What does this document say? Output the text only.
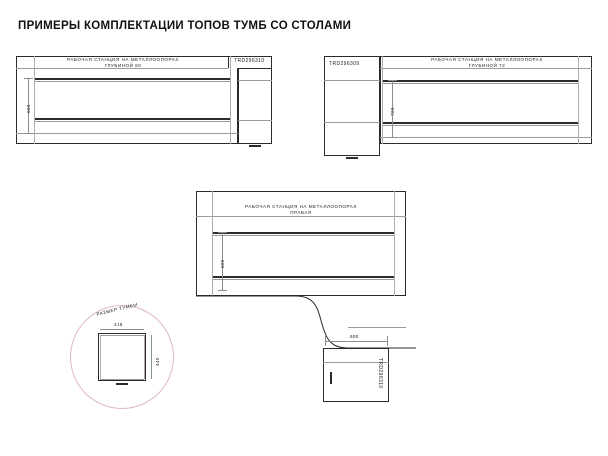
ПРИМЕРЫ КОМПЛЕКТАЦИИ ТОПОВ ТУМБ СО СТОЛАМИ
TRD296310
РАБОЧАЯ СТАНЦИЯ НА МЕТАЛЛООПОРАХ
ГЛУБИНОЙ 60
600
TRD296309
РАБОЧАЯ СТАНЦИЯ НА МЕТАЛЛООПОРАХ
ГЛУБИНОЙ 72
720
РАБОЧАЯ СТАНЦИЯ НА МЕТАЛЛООПОРАХ
ПРАВАЯ
800
600
TRD296310
РАЗМЕР ТУМБЫ
418
440
